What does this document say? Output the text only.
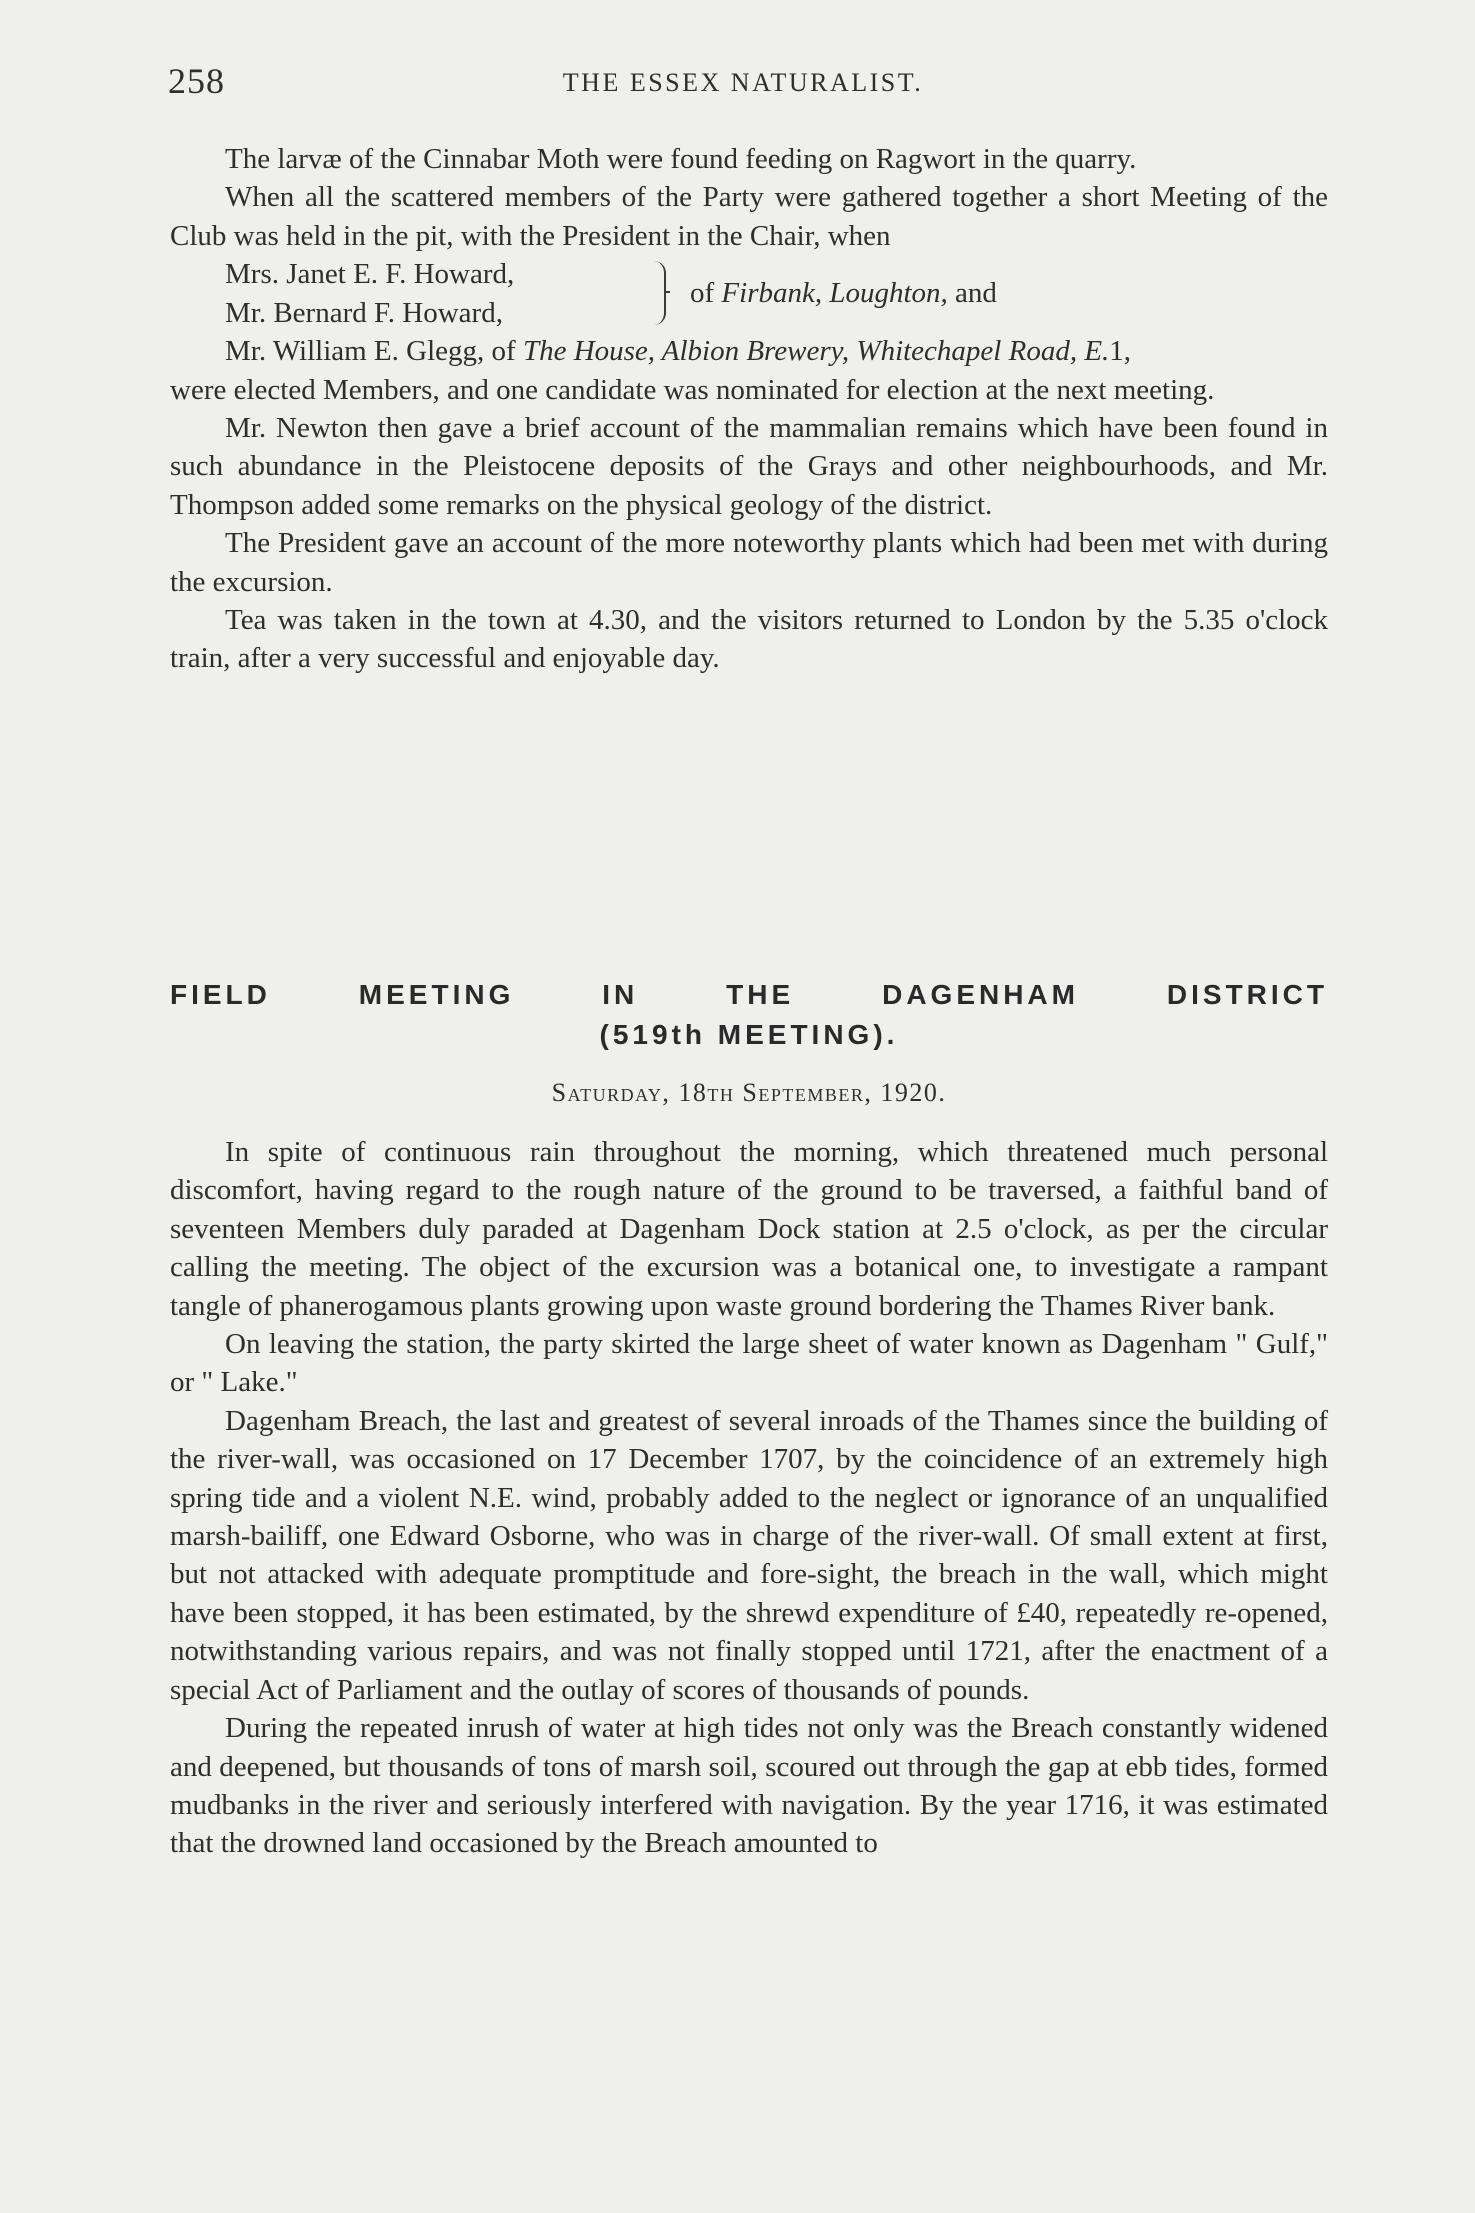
258	THE ESSEX NATURALIST.

The larvæ of the Cinnabar Moth were found feeding on Ragwort in the quarry.

When all the scattered members of the Party were gathered together a short Meeting of the Club was held in the pit, with the President in the Chair, when

Mrs. Janet E. F. Howard,
Mr. Bernard F. Howard,
of Firbank, Loughton, and

Mr. William E. Glegg, of The House, Albion Brewery, Whitechapel Road, E.1,

were elected Members, and one candidate was nominated for election at the next meeting.

Mr. Newton then gave a brief account of the mammalian remains which have been found in such abundance in the Pleistocene deposits of the Grays and other neighbourhoods, and Mr. Thompson added some remarks on the physical geology of the district.

The President gave an account of the more noteworthy plants which had been met with during the excursion.

Tea was taken in the town at 4.30, and the visitors returned to London by the 5.35 o'clock train, after a very successful and enjoyable day.

FIELD MEETING IN THE DAGENHAM DISTRICT
(519th MEETING).
Saturday, 18th September, 1920.

In spite of continuous rain throughout the morning, which threatened much personal discomfort, having regard to the rough nature of the ground to be traversed, a faithful band of seventeen Members duly paraded at Dagenham Dock station at 2.5 o'clock, as per the circular calling the meeting. The object of the excursion was a botanical one, to investigate a rampant tangle of phanerogamous plants growing upon waste ground bordering the Thames River bank.

On leaving the station, the party skirted the large sheet of water known as Dagenham " Gulf," or " Lake."

Dagenham Breach, the last and greatest of several inroads of the Thames since the building of the river-wall, was occasioned on 17 December 1707, by the coincidence of an extremely high spring tide and a violent N.E. wind, probably added to the neglect or ignorance of an unqualified marsh-bailiff, one Edward Osborne, who was in charge of the river-wall. Of small extent at first, but not attacked with adequate promptitude and fore-sight, the breach in the wall, which might have been stopped, it has been estimated, by the shrewd expenditure of £40, repeatedly re-opened, notwithstanding various repairs, and was not finally stopped until 1721, after the enactment of a special Act of Parliament and the outlay of scores of thousands of pounds.

During the repeated inrush of water at high tides not only was the Breach constantly widened and deepened, but thousands of tons of marsh soil, scoured out through the gap at ebb tides, formed mudbanks in the river and seriously interfered with navigation. By the year 1716, it was estimated that the drowned land occasioned by the Breach amounted to
